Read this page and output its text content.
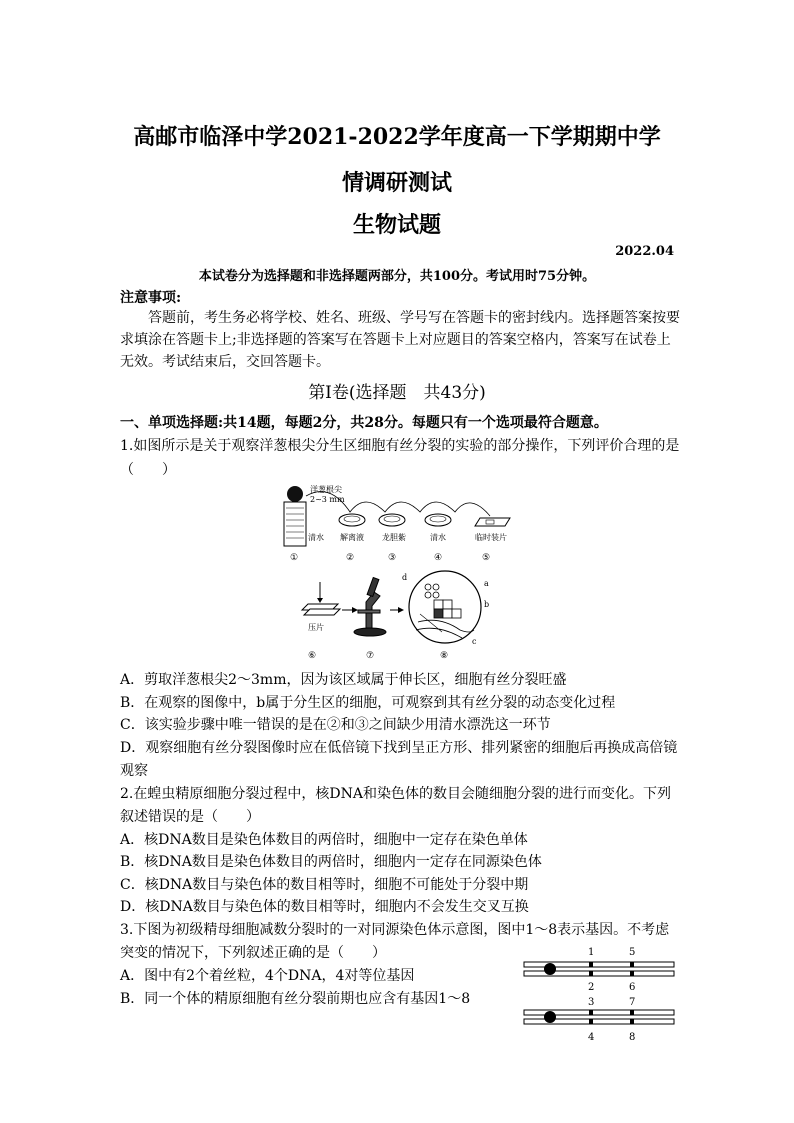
高邮市临泽中学2021-2022学年度高一下学期期中学
情调研测试
生物试题
2022.04
本试卷分为选择题和非选择题两部分，共100分。考试用时75分钟。
注意事项:
答题前，考生务必将学校、姓名、班级、学号写在答题卡的密封线内。选择题答案按要
求填涂在答题卡上;非选择题的答案写在答题卡上对应题目的答案空格内，答案写在试卷上
无效。考试结束后，交回答题卡。
第Ⅰ卷(选择题　共43分)
一、单项选择题:共14题，每题2分，共28分。每题只有一个选项最符合题意。
1.如图所示是关于观察洋葱根尖分生区细胞有丝分裂的实验的部分操作，下列评价合理的是
（　　）
洋葱根尖
2~3 mm
清水 解离液 龙胆紫	清水	临时装片
①	②	③	④	⑤
压片
d
a
b
c
⑥	⑦	⑧
A．剪取洋葱根尖2～3mm，因为该区域属于伸长区，细胞有丝分裂旺盛
B．在观察的图像中，b属于分生区的细胞，可观察到其有丝分裂的动态变化过程
C．该实验步骤中唯一错误的是在②和③之间缺少用清水漂洗这一环节
D．观察细胞有丝分裂图像时应在低倍镜下找到呈正方形、排列紧密的细胞后再换成高倍镜
观察
2.在蝗虫精原细胞分裂过程中，核DNA和染色体的数目会随细胞分裂的进行而变化。下列
叙述错误的是（　　）
A．核DNA数目是染色体数目的两倍时，细胞中一定存在染色单体
B．核DNA数目是染色体数目的两倍时，细胞内一定存在同源染色体
C．核DNA数目与染色体的数目相等时，细胞不可能处于分裂中期
D．核DNA数目与染色体的数目相等时，细胞内不会发生交叉互换
3.下图为初级精母细胞减数分裂时的一对同源染色体示意图，图中1～8表示基因。不考虑
突变的情况下，下列叙述正确的是（　　）
A．图中有2个着丝粒，4个DNA，4对等位基因
B．同一个体的精原细胞有丝分裂前期也应含有基因1～8
1	5
2	6
3	7
4	8
